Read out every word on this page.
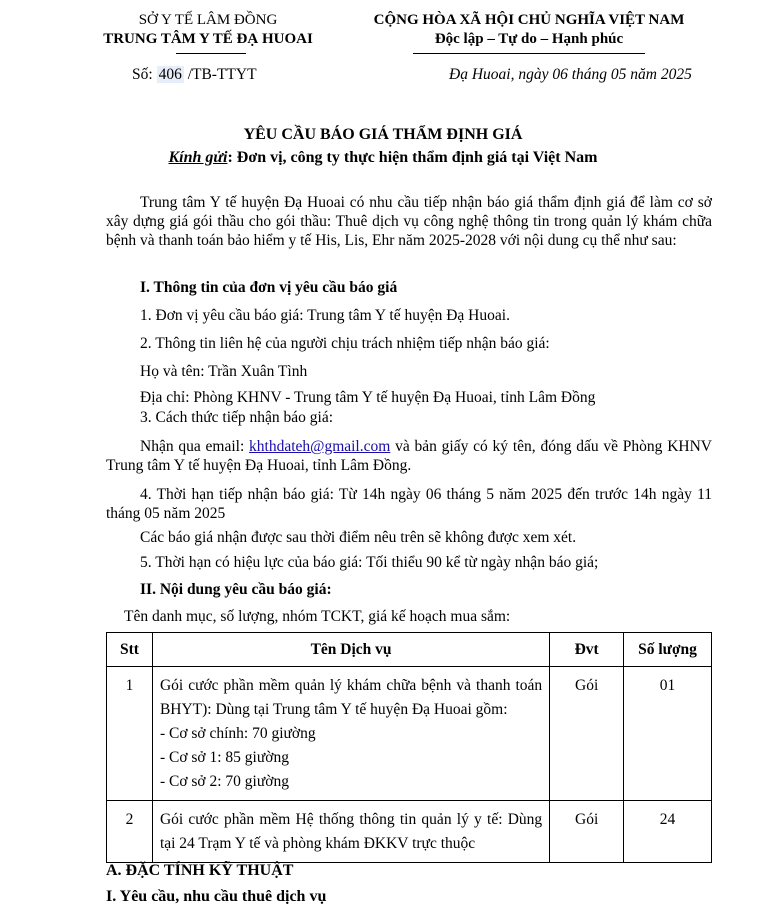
SỞ Y TẾ LÂM ĐỒNG
TRUNG TÂM Y TẾ ĐẠ HUOAI
CỘNG HÒA XÃ HỘI CHỦ NGHĨA VIỆT NAM
Độc lập – Tự do – Hạnh phúc
Số: 406 /TB-TTYT	Đạ Huoai, ngày 06 tháng 05 năm 2025
YÊU CẦU BÁO GIÁ THẨM ĐỊNH GIÁ
Kính gửi: Đơn vị, công ty thực hiện thẩm định giá tại Việt Nam
Trung tâm Y tế huyện Đạ Huoai có nhu cầu tiếp nhận báo giá thẩm định giá để làm cơ sở xây dựng giá gói thầu cho gói thầu: Thuê dịch vụ công nghệ thông tin trong quản lý khám chữa bệnh và thanh toán bảo hiểm y tế His, Lis, Ehr năm 2025-2028 với nội dung cụ thể như sau:
I. Thông tin của đơn vị yêu cầu báo giá
1. Đơn vị yêu cầu báo giá: Trung tâm Y tế huyện Đạ Huoai.
2. Thông tin liên hệ của người chịu trách nhiệm tiếp nhận báo giá:
Họ và tên: Trần Xuân Tình
Địa chỉ: Phòng KHNV - Trung tâm Y tế huyện Đạ Huoai, tỉnh Lâm Đồng
3. Cách thức tiếp nhận báo giá:
Nhận qua email: khthdateh@gmail.com và bản giấy có ký tên, đóng dấu về Phòng KHNV Trung tâm Y tế huyện Đạ Huoai, tỉnh Lâm Đồng.
4. Thời hạn tiếp nhận báo giá: Từ 14h ngày 06 tháng 5 năm 2025 đến trước 14h ngày 11 tháng 05 năm 2025
Các báo giá nhận được sau thời điểm nêu trên sẽ không được xem xét.
5. Thời hạn có hiệu lực của báo giá: Tối thiểu 90 kể từ ngày nhận báo giá;
II. Nội dung yêu cầu báo giá:
Tên danh mục, số lượng, nhóm TCKT, giá kế hoạch mua sắm:
Stt	Tên Dịch vụ	Đvt	Số lượng
1	Gói cước phần mềm quản lý khám chữa bệnh và thanh toán BHYT): Dùng tại Trung tâm Y tế huyện Đạ Huoai gồm:
- Cơ sở chính: 70 giường
- Cơ sở 1: 85 giường
- Cơ sở 2: 70 giường	Gói	01
2	Gói cước phần mềm Hệ thống thông tin quản lý y tế: Dùng tại 24 Trạm Y tế và phòng khám ĐKKV trực thuộc	Gói	24
A. ĐẶC TÍNH KỸ THUẬT
I. Yêu cầu, nhu cầu thuê dịch vụ
